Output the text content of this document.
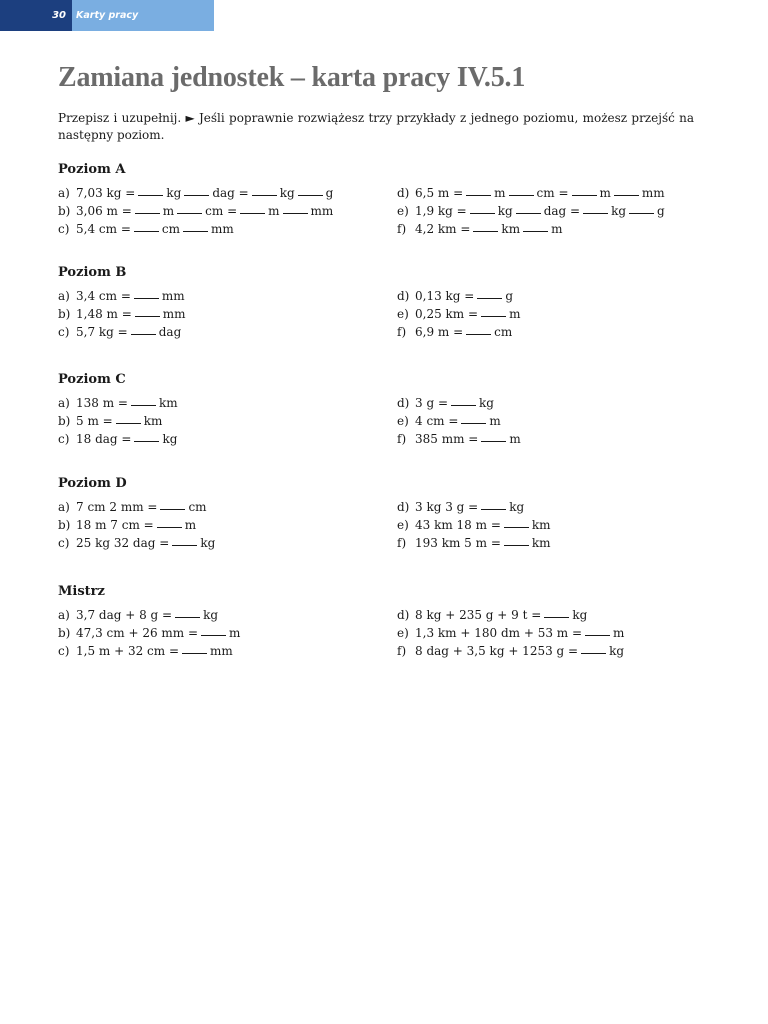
30	Karty pracy
Zamiana jednostek – karta pracy IV.5.1
Przepisz i uzupełnij. ► Jeśli poprawnie rozwiążesz trzy przykłady z jednego poziomu, możesz przejść na następny poziom.
Poziom A
a) 7,03 kg =	kg	dag =	kg	g	d) 6,5 m =	m	cm =	m	mm
b) 3,06 m =	m	cm =	m	mm	e) 1,9 kg =	kg	dag =	kg	g
c) 5,4 cm =	cm	mm	f) 4,2 km =	km	m
Poziom B
a) 3,4 cm =	mm	d) 0,13 kg =	g
b) 1,48 m =	mm	e) 0,25 km =	m
c) 5,7 kg =	dag	f) 6,9 m =	cm
Poziom C
a) 138 m =	km	d) 3 g =	kg
b) 5 m =	km	e) 4 cm =	m
c) 18 dag =	kg	f) 385 mm =	m
Poziom D
a) 7 cm 2 mm =	cm	d) 3 kg 3 g =	kg
b) 18 m 7 cm =	m	e) 43 km 18 m =	km
c) 25 kg 32 dag =	kg	f) 193 km 5 m =	km
Mistrz
a) 3,7 dag + 8 g =	kg	d) 8 kg + 235 g + 9 t =	kg
b) 47,3 cm + 26 mm =	m	e) 1,3 km + 180 dm + 53 m =	m
c) 1,5 m + 32 cm =	mm	f) 8 dag + 3,5 kg + 1253 g =	kg
